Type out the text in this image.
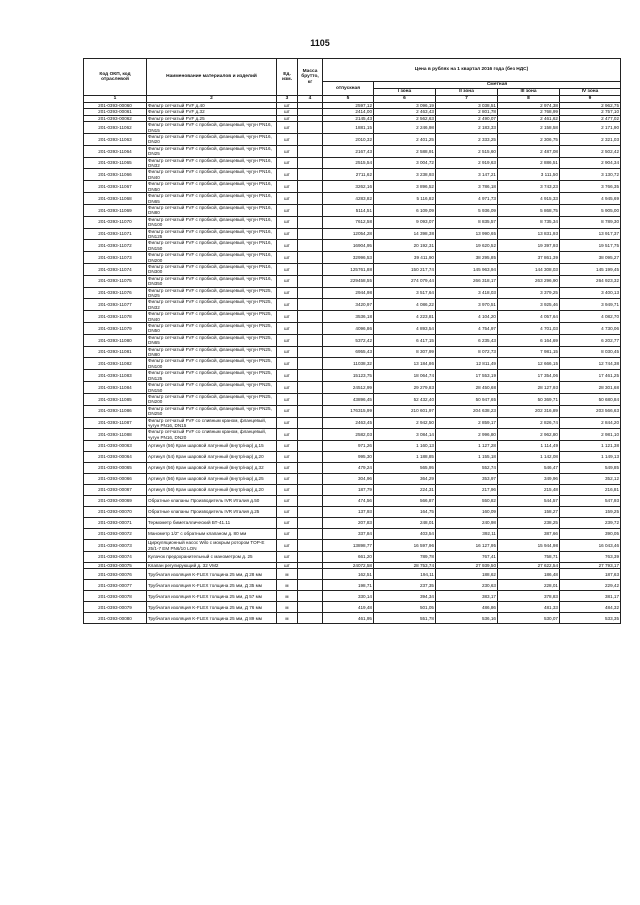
1105
Код ОКП, код отраслевой	Наименование материалов и изделий	Ед. изм.	Масса брутто, кг	Цена в рублях на 1 квартал 2016 года (без НДС)				
				отпускная	Сметная			
					I зона	II зона	III зона	IV зона
1	2	3	4	5	6	7	8	9
201-0393-00060	Фильтр сетчатый FVF д.40	шт		2597,12	3 096,19	3 038,51	2 974,38	2 962,75
201-0393-00061	Фильтр сетчатый FVF д.32	шт		2414,00	2 463,43	2 801,78	2 768,99	2 757,10
201-0393-00062	Фильтр сетчатый FVF д.25	шт		2145,43	2 562,63	2 490,07	2 461,62	2 477,02
201-0393-11062	Фильтр сетчатый FVF с пробкой, фланцевый, чугун PN16, DN15	шт		1881,15	2 246,98	2 183,33	2 158,58	2 171,90
201-0393-11063	Фильтр сетчатый FVF с пробкой, фланцевый, чугун PN16, DN20	шт		2010,32	2 401,25	2 333,25	2 306,75	2 321,03
201-0393-11064	Фильтр сетчатый FVF с пробкой, фланцевый, чугун PN16, DN25	шт		2167,43	2 588,91	2 515,60	2 487,08	2 502,42
201-0393-11065	Фильтр сетчатый FVF с пробкой, фланцевый, чугун PN16, DN32	шт		2515,54	3 004,72	2 919,63	2 886,51	2 904,34
201-0393-11066	Фильтр сетчатый FVF с пробкой, фланцевый, чугун PN16, DN40	шт		2711,62	3 238,93	3 147,21	3 111,50	3 130,72
201-0393-11067	Фильтр сетчатый FVF с пробкой, фланцевый, чугун PN16, DN50	шт		3262,16	3 896,52	3 786,18	3 743,23	3 766,35
201-0393-11068	Фильтр сетчатый FVF с пробкой, фланцевый, чугун PN16, DN65	шт		4283,82	5 116,82	4 971,73	4 915,33	4 945,69
201-0393-11069	Фильтр сетчатый FVF с пробкой, фланцевый, чугун PN16, DN80	шт		5114,51	6 109,09	5 936,09	5 868,75	5 905,00
201-0393-11070	Фильтр сетчатый FVF с пробкой, фланцевый, чугун PN16, DN100	шт		7612,58	9 093,07	8 835,57	8 735,34	8 789,30
201-0393-11071	Фильтр сетчатый FVF с пробкой, фланцевый, чугун PN16, DN125	шт		12054,28	14 398,38	13 990,65	13 831,93	13 917,37
201-0393-11072	Фильтр сетчатый FVF с пробкой, фланцевый, чугун PN16, DN150	шт		16904,95	20 192,31	19 620,52	19 397,93	19 517,75
201-0393-11073	Фильтр сетчатый FVF с пробкой, фланцевый, чугун PN16, DN200	шт		32996,53	39 411,90	38 295,85	37 861,39	38 095,27
201-0393-11074	Фильтр сетчатый FVF с пробкой, фланцевый, чугун PN16, DN300	шт		125761,88	150 217,74	145 963,94	144 308,03	145 199,45
201-0393-11075	Фильтр сетчатый FVF с пробкой, фланцевый, чугун PN16, DN350	шт		229458,55	274 079,44	266 318,17	263 296,90	264 923,32
201-0393-11076	Фильтр сетчатый FVF с пробкой, фланцевый, чугун PN25, DN25	шт		2944,98	3 517,64	3 418,03	3 379,25	3 400,13
201-0393-11077	Фильтр сетчатый FVF с пробкой, фланцевый, чугун PN25, DN32	шт		3420,97	4 086,22	3 970,51	3 925,46	3 949,71
201-0393-11078	Фильтр сетчатый FVF с пробкой, фланцевый, чугун PN25, DN40	шт		3536,18	4 223,81	4 104,20	4 057,64	4 082,70
201-0393-11079	Фильтр сетчатый FVF с пробкой, фланцевый, чугун PN25, DN50	шт		4096,86	4 893,54	4 754,97	4 701,03	4 730,06
201-0393-11080	Фильтр сетчатый FVF с пробкой, фланцевый, чугун PN25, DN65	шт		5372,42	6 417,15	6 235,43	6 164,69	6 202,77
201-0393-11081	Фильтр сетчатый FVF с пробкой, фланцевый, чугун PN25, DN80	шт		6955,43	8 307,99	8 072,73	7 981,15	8 030,45
201-0393-11082	Фильтр сетчатый FVF с пробкой, фланцевый, чугун PN25, DN100	шт		11038,32	13 184,86	12 811,49	12 666,15	12 744,38
201-0393-11083	Фильтр сетчатый FVF с пробкой, фланцевый, чугун PN25, DN125	шт		15123,75	18 064,74	17 553,19	17 354,06	17 461,25
201-0393-11084	Фильтр сетчатый FVF с пробкой, фланцевый, чугун PN25, DN150	шт		24512,99	29 279,83	28 450,68	28 127,93	28 301,68
201-0393-11085	Фильтр сетчатый FVF с пробкой, фланцевый, чугун PN25, DN200	шт		43896,45	52 432,40	50 947,65	50 369,71	50 680,84
201-0393-11086	Фильтр сетчатый FVF с пробкой, фланцевый, чугун PN25, DN250	шт		176315,99	210 601,97	204 638,23	202 316,89	203 566,63
201-0393-11087	Фильтр сетчатый FVF со сливным краном, фланцевый, чугун PN16, DN15	шт		2463,45	2 942,50	2 859,17	2 826,74	2 844,20
201-0393-11088	Фильтр сетчатый FVF со сливным краном, фланцевый, чугун PN16, DN20	шт		2582,03	3 084,14	2 996,80	2 962,80	2 981,10
201-0393-00063	Артикул (56) Кран шаровой латунный (внутр/нар) д.15	шт		971,26	1 160,13	1 127,28	1 114,49	1 121,38
201-0393-00064	Артикул (54) Кран шаровой латунный (внутр/нар) д.20	шт		995,30	1 188,85	1 155,18	1 142,08	1 149,13
201-0393-00065	Артикул (56) Кран шаровой латунный (внутр/нар) д.32	шт		479,24	565,95	552,74	546,47	549,85
201-0393-00066	Артикул (56) Кран шаровой латунный (внутр/нар) д.25	шт		304,96	364,29	353,97	349,96	352,12
201-0393-00067	Артикул (56) Кран шаровой латунный (внутр/нар) д.20	шт		187,79	224,31	217,96	215,48	216,81
201-0393-00069	Обратные клапаны Производитель IVR Италия д.50	шт		474,56	566,87	550,82	544,57	547,93
201-0393-00070	Обратные клапаны Производитель IVR Италия д.25	шт		137,93	164,75	160,09	158,27	159,25
201-0393-00071	Термометр биметаллический БТ-41.11	шт		207,83	248,01	240,98	238,25	239,72
201-0393-00072	Манометр 1/2" с обратным клапаном д. 80 мм	шт		337,84	403,54	392,11	387,66	390,05
201-0393-00073	Циркуляционный насос Wilo с мокрым ротором TOP-E 25/1-7 EM PN6/10 LON	шт		13898,77	16 597,96	16 127,95	15 944,98	16 043,46
201-0393-00074	Кулачок предохранительный с манометром д. 25	шт		661,20	789,78	767,41	758,71	763,39
201-0393-00075	Клапан регулирующий д. 32 VM2	шт		24072,58	28 753,74	27 939,50	27 622,54	27 793,17
201-0393-00076	Трубчатая изоляция K-FLEX толщина 25 мм, Д 28 мм	м		162,51	194,11	188,62	186,48	187,63
201-0393-00077	Трубчатая изоляция K-FLEX толщина 25 мм, Д 35 мм	м		198,71	237,35	230,63	228,01	229,42
201-0393-00078	Трубчатая изоляция K-FLEX толщина 25 мм, Д 57 мм	м		330,14	394,34	383,17	378,83	381,17
201-0393-00079	Трубчатая изоляция K-FLEX толщина 25 мм, Д 76 мм	м		419,48	501,05	486,86	481,33	484,32
201-0393-00080	Трубчатая изоляция K-FLEX толщина 25 мм, Д 89 мм	м		461,95	551,78	536,16	530,07	533,35
